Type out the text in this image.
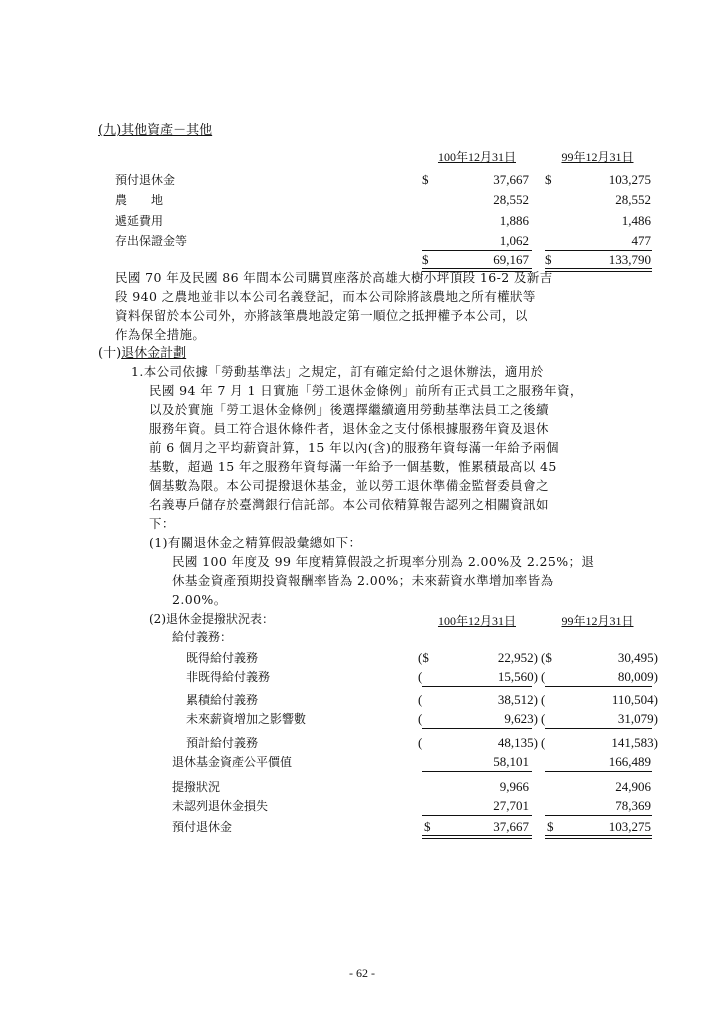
(九)其他資產－其他
100年12月31日	99年12月31日
預付退休金	$	37,667 $	103,275
農　　地	28,552	28,552
遞延費用	1,886	1,486
存出保證金等	1,062	477
$	69,167 $	133,790
民國 70 年及民國 86 年間本公司購買座落於高雄大樹小坪頂段 16-2 及新吉
段 940 之農地並非以本公司名義登記，而本公司除將該農地之所有權狀等
資料保留於本公司外，亦將該筆農地設定第一順位之抵押權予本公司，以
作為保全措施。
(十)退休金計劃
1.本公司依據「勞動基準法」之規定，訂有確定給付之退休辦法，適用於
民國 94 年 7 月 1 日實施「勞工退休金條例」前所有正式員工之服務年資，
以及於實施「勞工退休金條例」後選擇繼續適用勞動基準法員工之後續
服務年資。員工符合退休條件者，退休金之支付係根據服務年資及退休
前 6 個月之平均薪資計算，15 年以內(含)的服務年資每滿一年給予兩個
基數，超過 15 年之服務年資每滿一年給予一個基數，惟累積最高以 45
個基數為限。本公司提撥退休基金，並以勞工退休準備金監督委員會之
名義專戶儲存於臺灣銀行信託部。本公司依精算報告認列之相關資訊如
下：
(1)有關退休金之精算假設彙總如下：
民國 100 年度及 99 年度精算假設之折現率分別為 2.00%及 2.25%；退
休基金資產預期投資報酬率皆為 2.00%；未來薪資水準增加率皆為
2.00%。
(2)退休金提撥狀況表：	100年12月31日	99年12月31日
給付義務：
既得給付義務	($	22,952) ($	30,495)
非既得給付義務	(	15,560) (	80,009)
累積給付義務	(	38,512) (	110,504)
未來薪資增加之影響數	(	9,623) (	31,079)
預計給付義務	(	48,135) (	141,583)
退休基金資產公平價值	58,101	166,489
提撥狀況	9,966	24,906
未認列退休金損失	27,701	78,369
預付退休金	$	37,667 $	103,275
- 62 -
